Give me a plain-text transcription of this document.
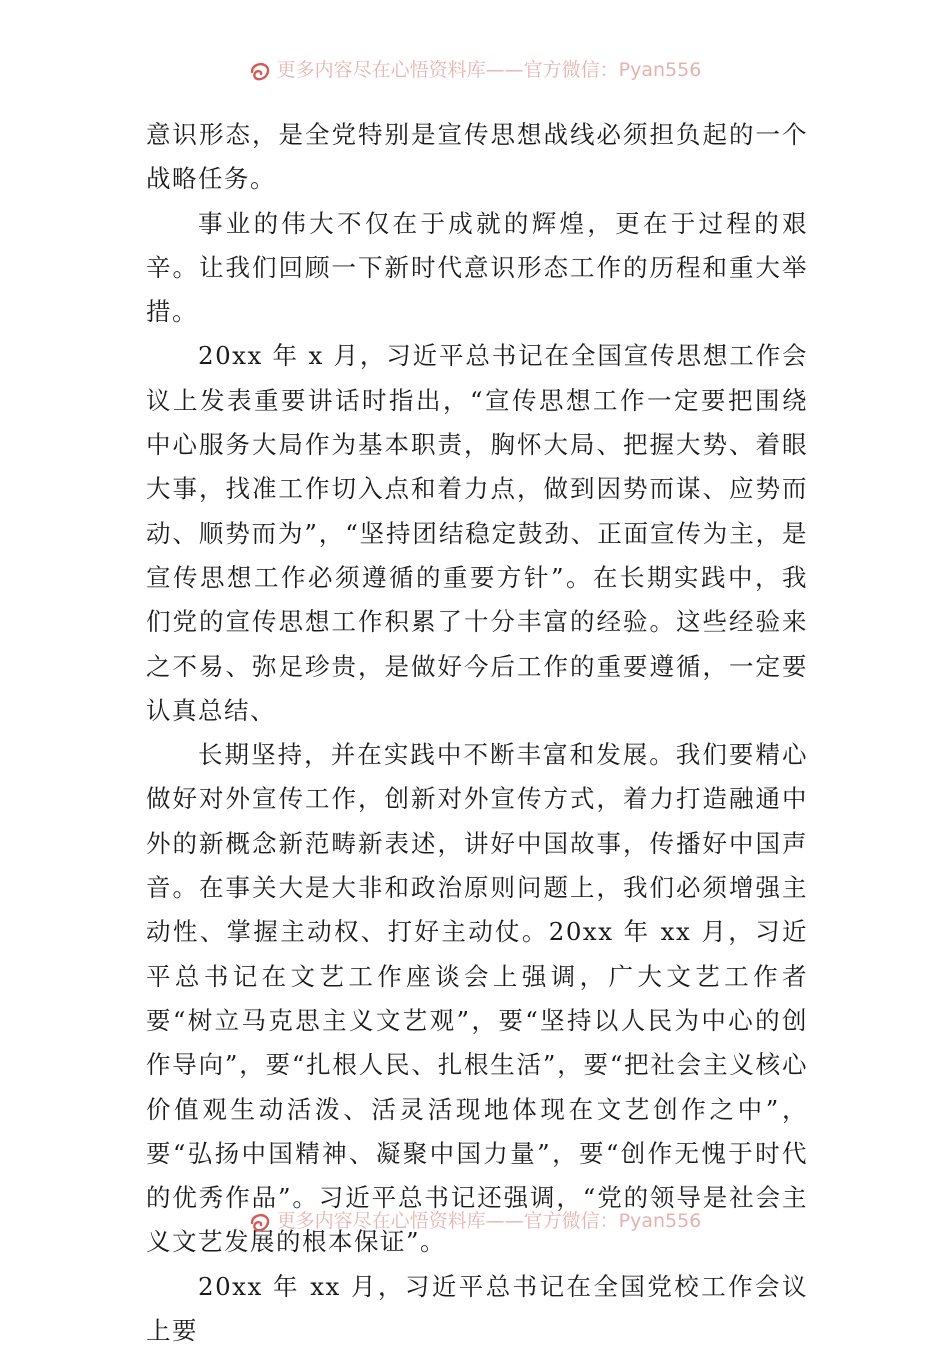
更多内容尽在心悟资料库——官方微信：Pyan556

意识形态，是全党特别是宣传思想战线必须担负起的一个战略任务。

事业的伟大不仅在于成就的辉煌，更在于过程的艰辛。让我们回顾一下新时代意识形态工作的历程和重大举措。

20xx 年 x 月，习近平总书记在全国宣传思想工作会议上发表重要讲话时指出，“宣传思想工作一定要把围绕中心服务大局作为基本职责，胸怀大局、把握大势、着眼大事，找准工作切入点和着力点，做到因势而谋、应势而动、顺势而为”，“坚持团结稳定鼓劲、正面宣传为主，是宣传思想工作必须遵循的重要方针”。在长期实践中，我们党的宣传思想工作积累了十分丰富的经验。这些经验来之不易、弥足珍贵，是做好今后工作的重要遵循，一定要认真总结、

长期坚持，并在实践中不断丰富和发展。我们要精心做好对外宣传工作，创新对外宣传方式，着力打造融通中外的新概念新范畴新表述，讲好中国故事，传播好中国声音。在事关大是大非和政治原则问题上，我们必须增强主动性、掌握主动权、打好主动仗。20xx 年 xx 月，习近平总书记在文艺工作座谈会上强调，广大文艺工作者要“树立马克思主义文艺观”，要“坚持以人民为中心的创作导向”，要“扎根人民、扎根生活”，要“把社会主义核心价值观生动活泼、活灵活现地体现在文艺创作之中”，要“弘扬中国精神、凝聚中国力量”，要“创作无愧于时代的优秀作品”。习近平总书记还强调，“党的领导是社会主义文艺发展的根本保证”。

20xx 年 xx 月，习近平总书记在全国党校工作会议上要

更多内容尽在心悟资料库——官方微信：Pyan556
